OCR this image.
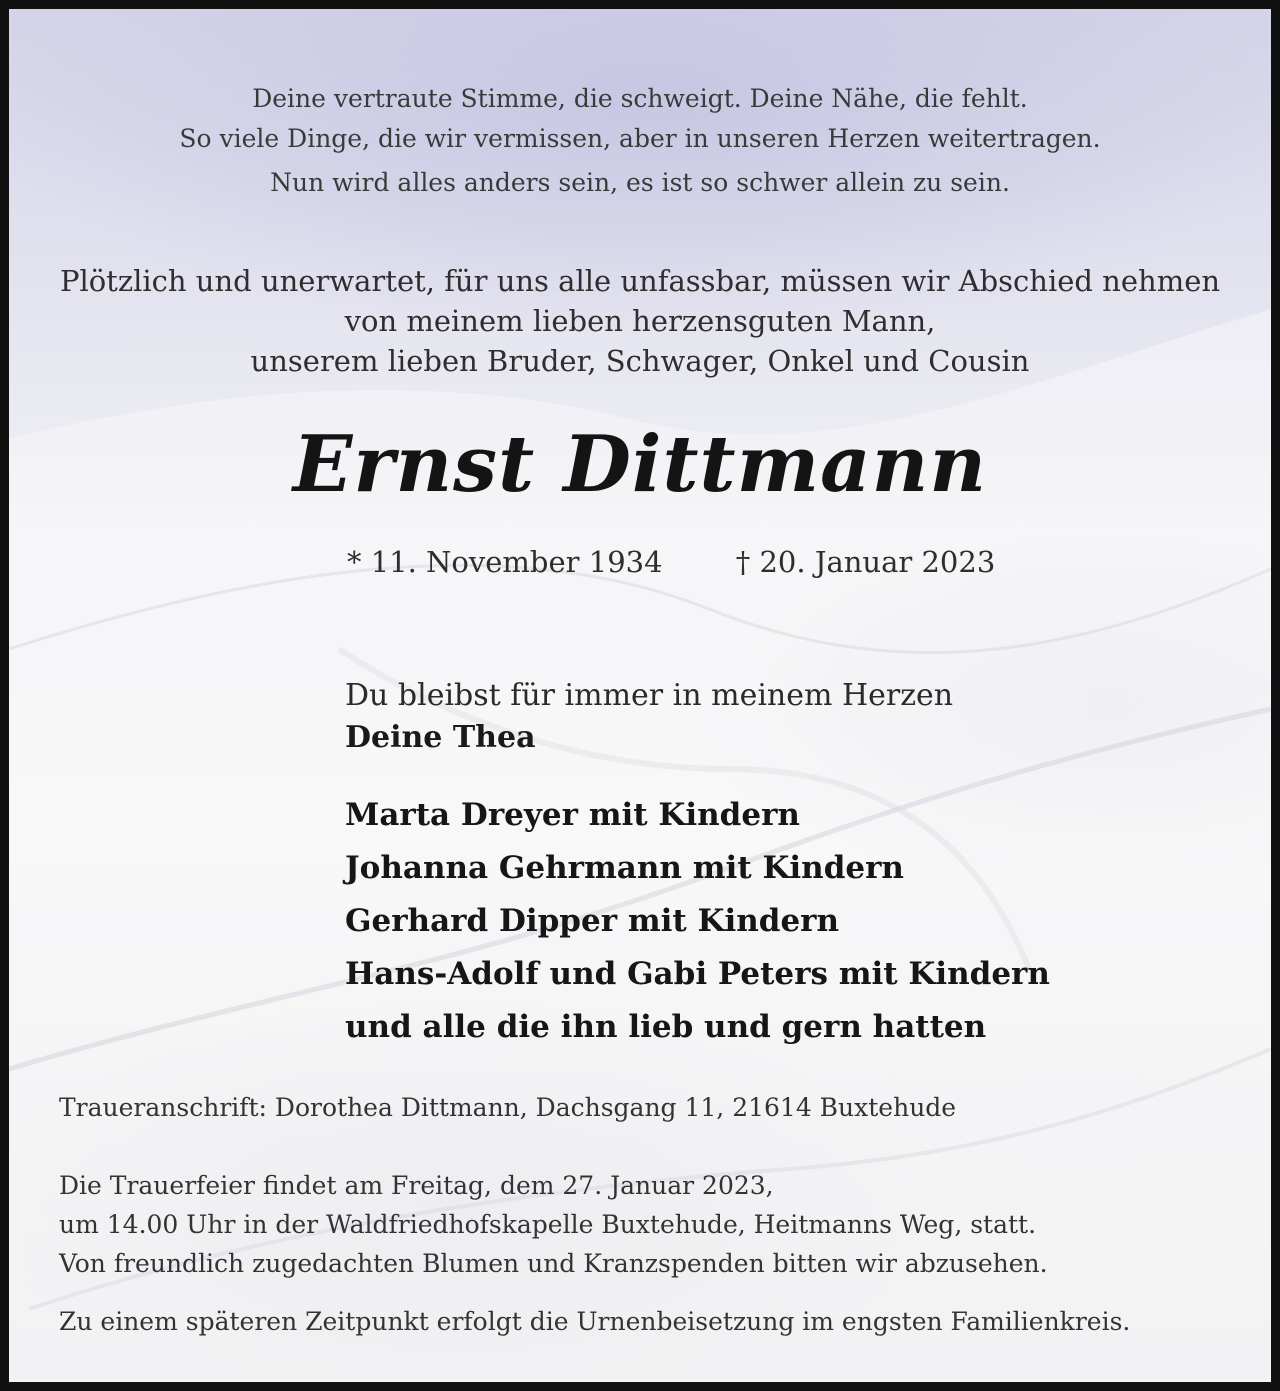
Deine vertraute Stimme, die schweigt. Deine Nähe, die fehlt.
So viele Dinge, die wir vermissen, aber in unseren Herzen weitertragen.
Nun wird alles anders sein, es ist so schwer allein zu sein.
Plötzlich und unerwartet, für uns alle unfassbar, müssen wir Abschied nehmen
von meinem lieben herzensguten Mann,
unserem lieben Bruder, Schwager, Onkel und Cousin
Ernst Dittmann
* 11. November 1934	† 20. Januar 2023
Du bleibst für immer in meinem Herzen
Deine Thea
Marta Dreyer mit Kindern
Johanna Gehrmann mit Kindern
Gerhard Dipper mit Kindern
Hans-Adolf und Gabi Peters mit Kindern
und alle die ihn lieb und gern hatten
Traueranschrift: Dorothea Dittmann, Dachsgang 11, 21614 Buxtehude
Die Trauerfeier findet am Freitag, dem 27. Januar 2023,
um 14.00 Uhr in der Waldfriedhofskapelle Buxtehude, Heitmanns Weg, statt.
Von freundlich zugedachten Blumen und Kranzspenden bitten wir abzusehen.
Zu einem späteren Zeitpunkt erfolgt die Urnenbeisetzung im engsten Familienkreis.
